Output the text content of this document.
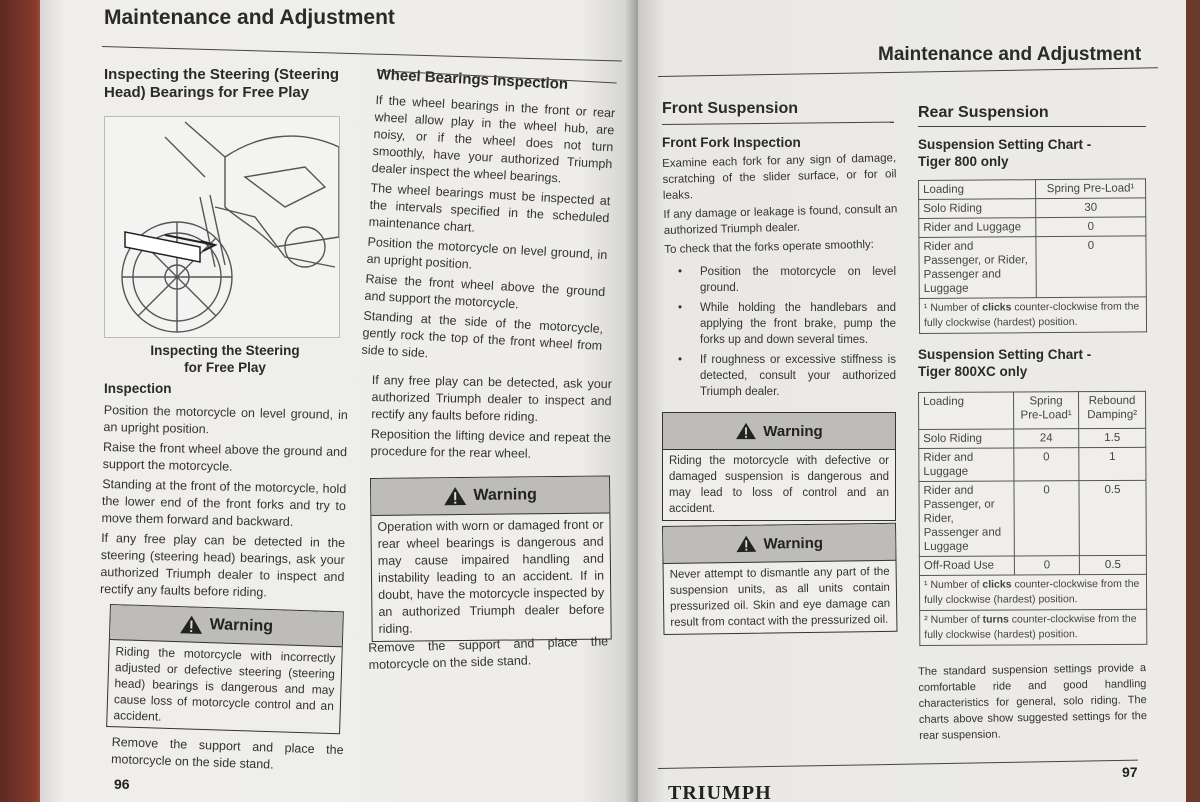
Maintenance and Adjustment
Inspecting the Steering (Steering Head) Bearings for Free Play
Inspecting the Steering for Free Play
Inspection

Position the motorcycle on level ground, in an upright position.

Raise the front wheel above the ground and support the motorcycle.

Standing at the front of the motorcycle, hold the lower end of the front forks and try to move them forward and backward.

If any free play can be detected in the steering (steering head) bearings, ask your authorized Triumph dealer to inspect and rectify any faults before riding.

Warning
Riding the motorcycle with incorrectly adjusted or defective steering (steering head) bearings is dangerous and may cause loss of motorcycle control and an accident.
Remove the support and place the motorcycle on the side stand.
96
Wheel Bearings Inspection

If the wheel bearings in the front or rear wheel allow play in the wheel hub, are noisy, or if the wheel does not turn smoothly, have your authorized Triumph dealer inspect the wheel bearings.

The wheel bearings must be inspected at the intervals specified in the scheduled maintenance chart.

Position the motorcycle on level ground, in an upright position.

Raise the front wheel above the ground and support the motorcycle.

Standing at the side of the motorcycle, gently rock the top of the front wheel from side to side.

If any free play can be detected, ask your authorized Triumph dealer to inspect and rectify any faults before riding.

Reposition the lifting device and repeat the procedure for the rear wheel.

Warning
Operation with worn or damaged front or rear wheel bearings is dangerous and may cause impaired handling and instability leading to an accident. If in doubt, have the motorcycle inspected by an authorized Triumph dealer before riding.
Remove the support and place the motorcycle on the side stand.
Maintenance and Adjustment
Front Suspension
Front Fork Inspection

Examine each fork for any sign of damage, scratching of the slider surface, or for oil leaks.

If any damage or leakage is found, consult an authorized Triumph dealer.

To check that the forks operate smoothly:

•	Position the motorcycle on level ground.
•	While holding the handlebars and applying the front brake, pump the forks up and down several times.
•	If roughness or excessive stiffness is detected, consult your authorized Triumph dealer.
Warning
Riding the motorcycle with defective or damaged suspension is dangerous and may lead to loss of control and an accident.
Warning
Never attempt to dismantle any part of the suspension units, as all units contain pressurized oil. Skin and eye damage can result from contact with the pressurized oil.
Rear Suspension
Suspension Setting Chart - Tiger 800 only
Loading	Spring Pre-Load¹
Solo Riding	30
Rider and Luggage	0
Rider and Passenger, or Rider, Passenger and Luggage	0
¹ Number of clicks counter-clockwise from the fully clockwise (hardest) position.	
Suspension Setting Chart - Tiger 800XC only
Loading	Spring Pre-Load¹	Rebound Damping²
Solo Riding	24	1.5
Rider and Luggage	0	1
Rider and Passenger, or Rider, Passenger and Luggage	0	0.5
Off-Road Use	0	0.5
¹ Number of clicks counter-clockwise from the fully clockwise (hardest) position.		
² Number of turns counter-clockwise from the fully clockwise (hardest) position.		
The standard suspension settings provide a comfortable ride and good handling characteristics for general, solo riding. The charts above show suggested settings for the rear suspension.
97
TRIUMPH
